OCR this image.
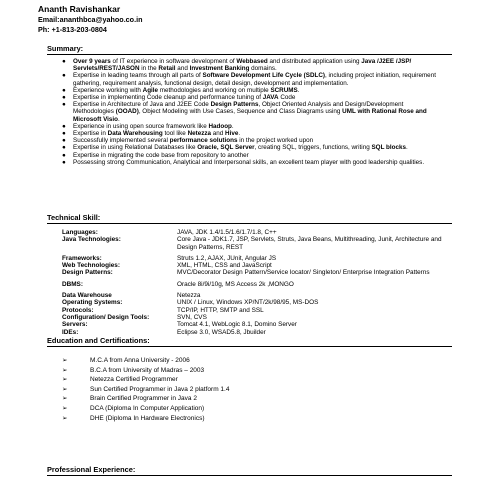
Ananth Ravishankar
Email:ananthbca@yahoo.co.in
Ph: +1-813-203-0804
Summary:
● Over 9 years of IT experience in software development of Webbased and distributed application using Java /J2EE /JSP/ Servlets/REST/JASON in the Retail and Investment Banking domains.
● Expertise in leading teams through all parts of Software Development Life Cycle (SDLC), including project initiation, requirement gathering, requirement analysis, functional design, detail design, development and implementation.
● Experience working with Agile methodologies and working on multiple SCRUMS.
● Expertise in implementing Code cleanup and performance tuning of JAVA Code
● Expertise in Architecture of Java and J2EE Code Design Patterns, Object Oriented Analysis and Design/Development Methodologies (OOAD), Object Modeling with Use Cases, Sequence and Class Diagrams using UML with Rational Rose and Microsoft Visio.
● Experience in using open source framework like Hadoop.
● Expertise in Data Warehousing tool like Netezza and Hive.
● Successfully implemented several performance solutions in the project worked upon
● Expertise in using Relational Databases like Oracle, SQL Server, creating SQL, triggers, functions, writing SQL blocks.
● Expertise in migrating the code base from repository to another
● Possessing strong Communication, Analytical and Interpersonal skills, an excellent team player with good leadership qualities.
Technical Skill:
Languages:	JAVA, JDK 1.4/1.5/1.6/1.7/1.8, C++
Java Technologies:	Core Java - JDK1.7, JSP, Servlets, Struts, Java Beans, Multithreading, Junit, Architecture and Design Patterns, REST
Frameworks:	Struts 1.2, AJAX, JUnit, Angular JS
Web Technologies:	XML, HTML, CSS and JavaScript
Design Patterns:	MVC/Decorator Design Pattern/Service locator/ Singleton/ Enterprise Integration Patterns
DBMS:	Oracle 8i/9i/10g, MS Access 2k ,MONGO
Data Warehouse	Netezza
Operating Systems:	UNIX / Linux, Windows XP/NT/2k/98/95, MS-DOS
Protocols:	TCP/IP, HTTP, SMTP and SSL
Configuration/ Design Tools:	SVN, CVS
Servers:	Tomcat 4.1, WebLogic 8.1, Domino Server
IDEs:	Eclipse 3.0, WSAD5.8, Jbuilder
Education and Certifications:
➢	M.C.A from Anna University - 2006
➢	B.C.A from University of Madras – 2003
➢	Netezza Certified Programmer
➢	Sun Certified Programmer in Java 2 platform 1.4
➢	Brain Certified Programmer in Java 2
➢	DCA (Diploma In Computer Application)
➢	DHE (Diploma In Hardware Electronics)
Professional Experience:
